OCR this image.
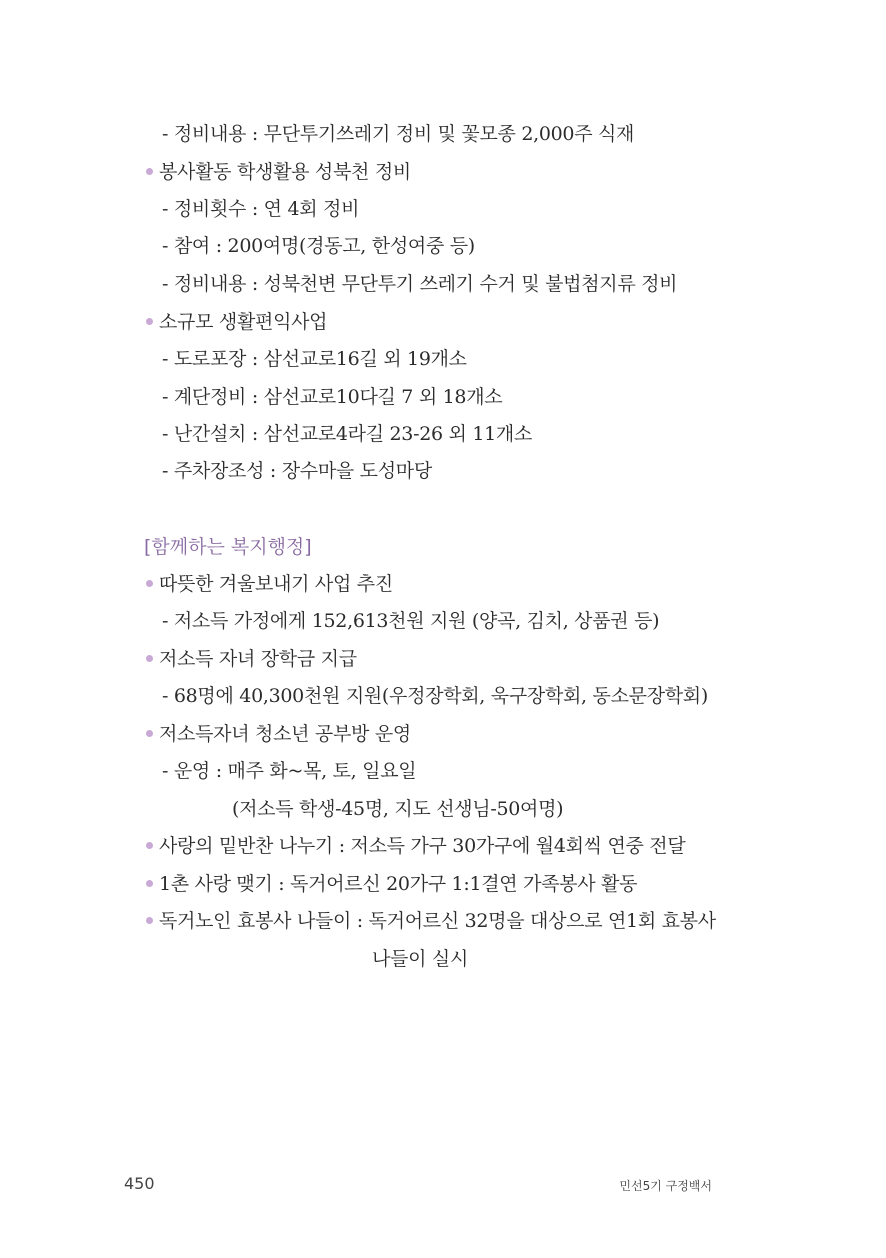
- 정비내용 : 무단투기쓰레기 정비 및 꽃모종 2,000주 식재
봉사활동 학생활용 성북천 정비
- 정비횟수 : 연 4회 정비
- 참여 : 200여명(경동고, 한성여중 등)
- 정비내용 : 성북천변 무단투기 쓰레기 수거 및 불법첨지류 정비
소규모 생활편익사업
- 도로포장 : 삼선교로16길 외 19개소
- 계단정비 : 삼선교로10다길 7 외 18개소
- 난간설치 : 삼선교로4라길 23-26 외 11개소
- 주차장조성 : 장수마을 도성마당
[함께하는 복지행정]
따뜻한 겨울보내기 사업 추진
- 저소득 가정에게 152,613천원 지원 (양곡, 김치, 상품권 등)
저소득 자녀 장학금 지급
- 68명에 40,300천원 지원(우정장학회, 욱구장학회, 동소문장학회)
저소득자녀 청소년 공부방 운영
- 운영 : 매주 화~목, 토, 일요일
(저소득 학생-45명, 지도 선생님-50여명)
사랑의 밑반찬 나누기 : 저소득 가구 30가구에 월4회씩 연중 전달
1촌 사랑 맺기 : 독거어르신 20가구 1:1결연 가족봉사 활동
독거노인 효봉사 나들이 : 독거어르신 32명을 대상으로 연1회 효봉사
나들이 실시
450	민선5기 구정백서
